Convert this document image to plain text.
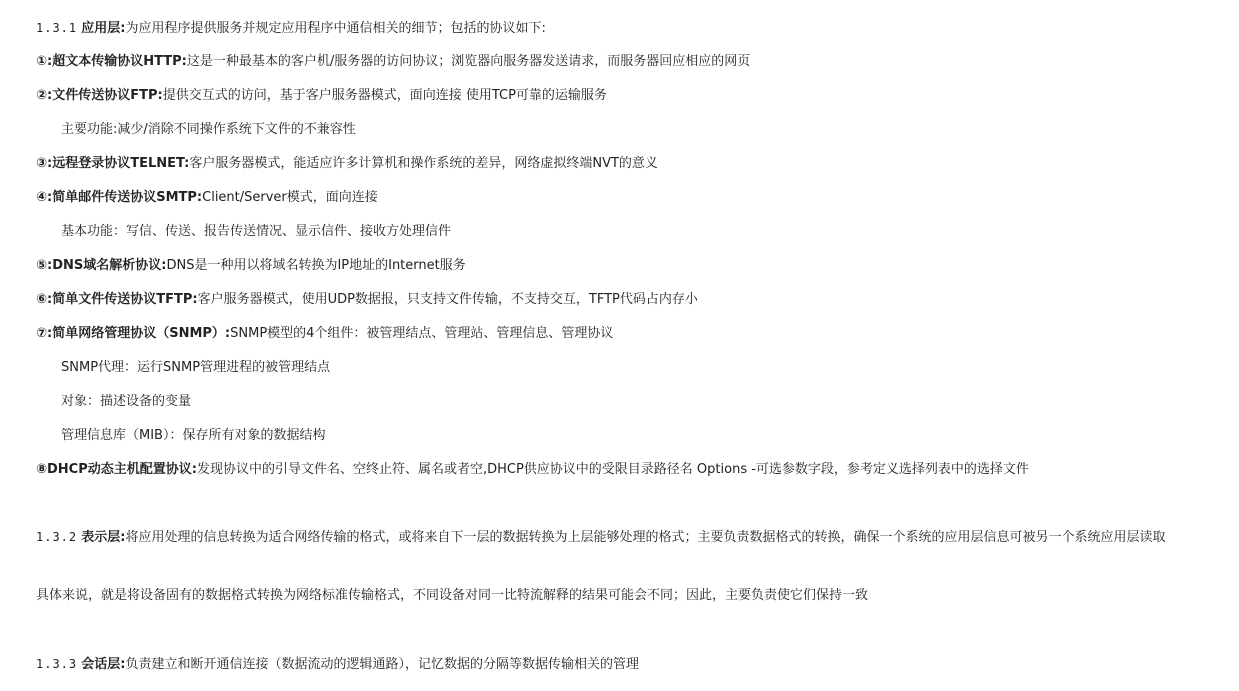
1.3.1 应用层:为应用程序提供服务并规定应用程序中通信相关的细节；包括的协议如下:
①:超文本传输协议HTTP:这是一种最基本的客户机/服务器的访问协议；浏览器向服务器发送请求，而服务器回应相应的网页
②:文件传送协议FTP:提供交互式的访问，基于客户服务器模式，面向连接 使用TCP可靠的运输服务
主要功能:减少/消除不同操作系统下文件的不兼容性
③:远程登录协议TELNET:客户服务器模式，能适应许多计算机和操作系统的差异，网络虚拟终端NVT的意义
④:简单邮件传送协议SMTP:Client/Server模式，面向连接
基本功能：写信、传送、报告传送情况、显示信件、接收方处理信件
⑤:DNS域名解析协议:DNS是一种用以将域名转换为IP地址的Internet服务
⑥:简单文件传送协议TFTP:客户服务器模式，使用UDP数据报，只支持文件传输，不支持交互，TFTP代码占内存小
⑦:简单网络管理协议（SNMP）:SNMP模型的4个组件：被管理结点、管理站、管理信息、管理协议
SNMP代理：运行SNMP管理进程的被管理结点
对象：描述设备的变量
管理信息库（MIB）：保存所有对象的数据结构
⑧DHCP动态主机配置协议:发现协议中的引导文件名、空终止符、属名或者空,DHCP供应协议中的受限目录路径名 Options -可选参数字段，参考定义选择列表中的选择文件
1.3.2 表示层:将应用处理的信息转换为适合网络传输的格式，或将来自下一层的数据转换为上层能够处理的格式；主要负责数据格式的转换，确保一个系统的应用层信息可被另一个系统应用层读取
具体来说，就是将设备固有的数据格式转换为网络标准传输格式，不同设备对同一比特流解释的结果可能会不同；因此，主要负责使它们保持一致
1.3.3 会话层:负责建立和断开通信连接（数据流动的逻辑通路），记忆数据的分隔等数据传输相关的管理
